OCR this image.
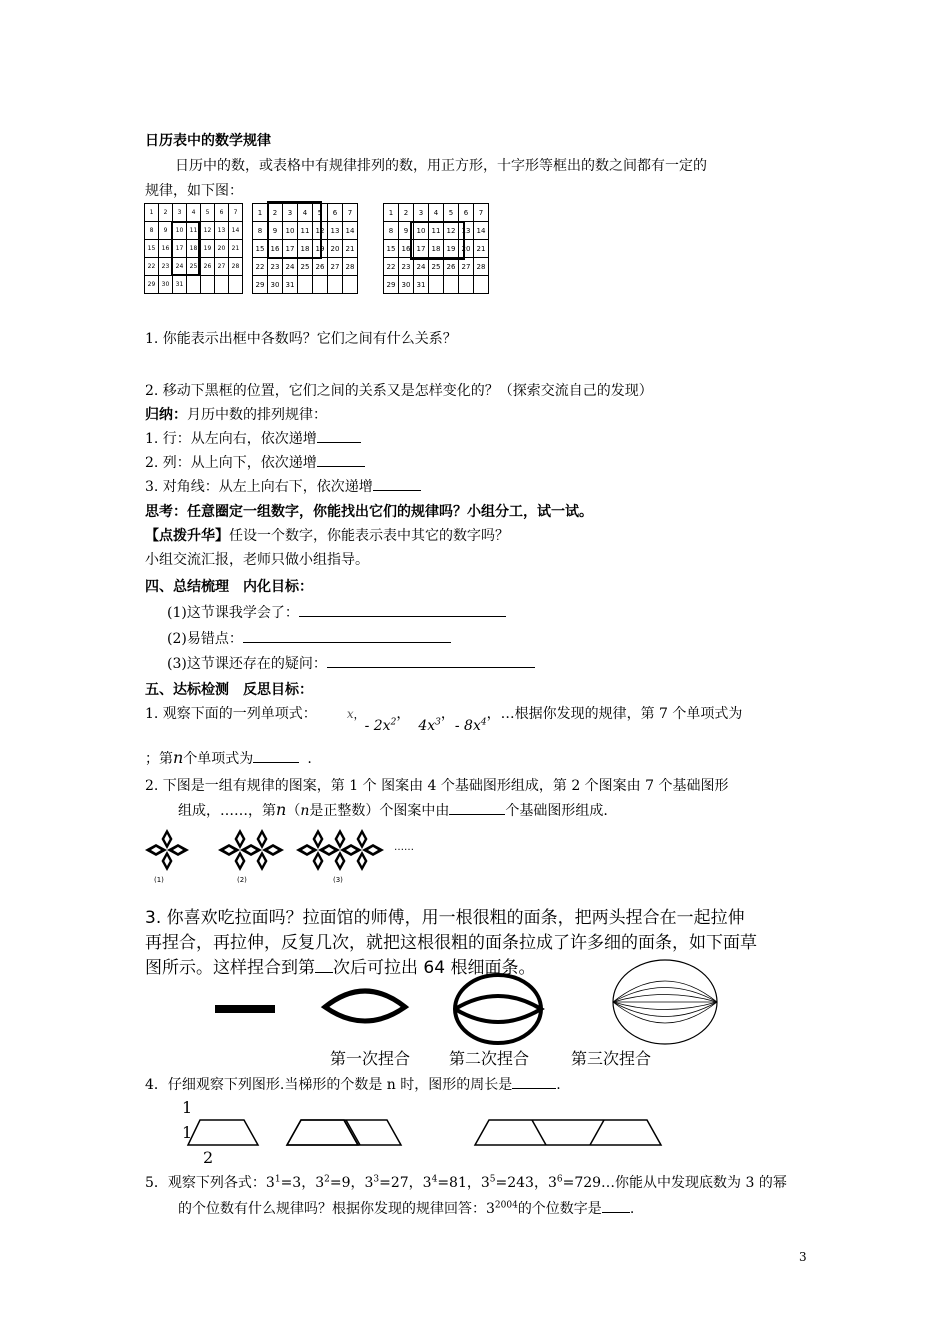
日历表中的数学规律
日历中的数，或表格中有规律排列的数，用正方形，十字形等框出的数之间都有一定的
规律，如下图：
1	2	3	4	5	6	7
8	9	10	11	12	13	14
15	16	17	18	19	20	21
22	23	24	25	26	27	28
29	30	31				
1	2	3	4	5	6	7
8	9	10	11	12	13	14
15	16	17	18	19	20	21
22	23	24	25	26	27	28
29	30	31				
1	2	3	4	5	6	7
8	9	10	11	12	13	14
15	16	17	18	19	20	21
22	23	24	25	26	27	28
29	30	31				
1. 你能表示出框中各数吗？它们之间有什么关系？
2. 移动下黑框的位置，它们之间的关系又是怎样变化的？（探索交流自己的发现）
归纳：月历中数的排列规律：
1. 行：从左向右，依次递增
2. 列：从上向下，依次递增
3. 对角线：从左上向右下，依次递增
思考：任意圈定一组数字，你能找出它们的规律吗？小组分工，试一试。
【点拨升华】任设一个数字，你能表示表中其它的数字吗？
小组交流汇报，老师只做小组指导。
四、总结梳理　内化目标：
(1)这节课我学会了：
(2)易错点：
(3)这节课还存在的疑问：
五、达标检测　反思目标：
1. 观察下面的一列单项式：	x，- $2x^2$，$4x^3$，- $8x^4$，…根据你发现的规律，第 7 个单项式为
；第n个单项式为	.
2. 下图是一组有规律的图案，第 1 个 图案由 4 个基础图形组成，第 2 个图案由 7 个基础图形
组成，……，第n（n是正整数）个图案中由	个基础图形组成.
(1)	(2)	(3)
……
3. 你喜欢吃拉面吗？拉面馆的师傅，用一根很粗的面条，把两头捏合在一起拉伸
再捏合，再拉伸，反复几次，就把这根很粗的面条拉成了许多细的面条，如下面草
图所示。这样捏合到第 次后可拉出 64 根细面条。
第一次捏合 第二次捏合	第三次捏合
4．仔细观察下列图形.当梯形的个数是 n 时，图形的周长是	.
1
1
2
5．观察下列各式：$3^1=3$，$3^2=9$，$3^3=27$，$3^4=81$，$3^5=243$，$3^6=729\dots$你能从中发现底数为 3 的幂
的个位数有什么规律吗？根据你发现的规律回答：$3^{2004}$的个位数字是 .
3
